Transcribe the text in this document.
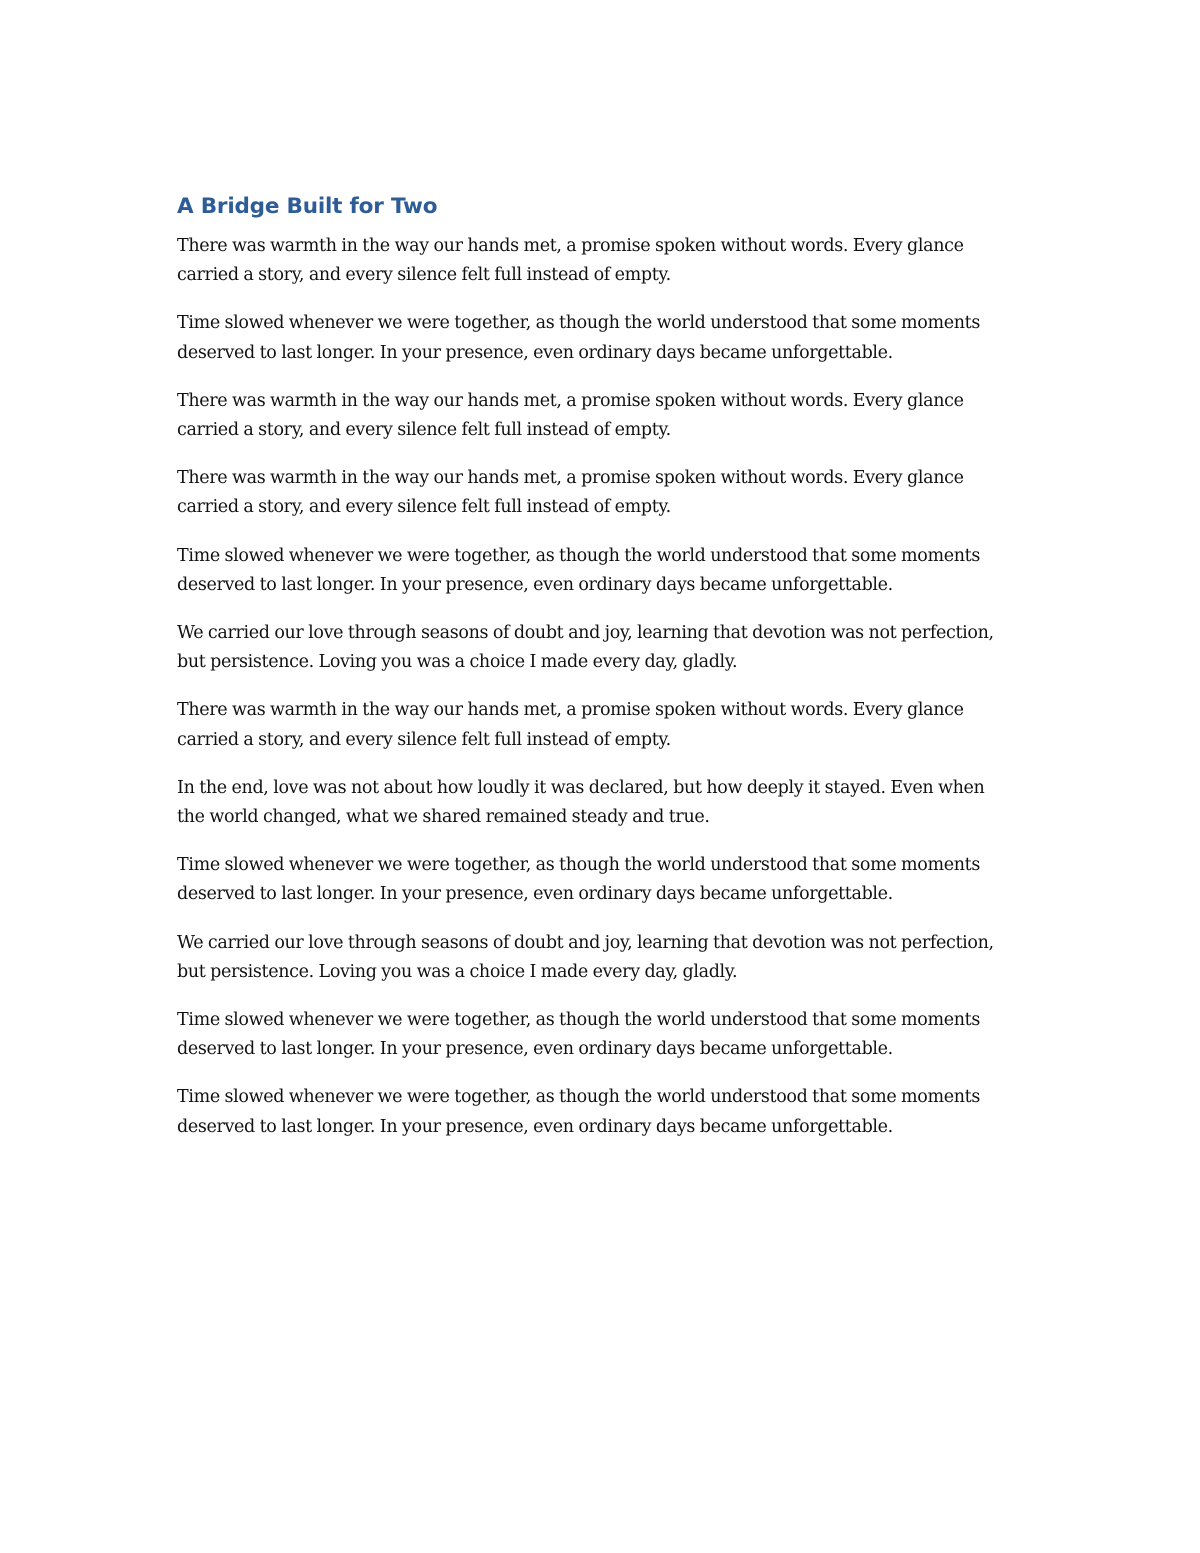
A Bridge Built for Two

There was warmth in the way our hands met, a promise spoken without words. Every glance carried a story, and every silence felt full instead of empty.

Time slowed whenever we were together, as though the world understood that some moments deserved to last longer. In your presence, even ordinary days became unforgettable.

There was warmth in the way our hands met, a promise spoken without words. Every glance carried a story, and every silence felt full instead of empty.

There was warmth in the way our hands met, a promise spoken without words. Every glance carried a story, and every silence felt full instead of empty.

Time slowed whenever we were together, as though the world understood that some moments deserved to last longer. In your presence, even ordinary days became unforgettable.

We carried our love through seasons of doubt and joy, learning that devotion was not perfection, but persistence. Loving you was a choice I made every day, gladly.

There was warmth in the way our hands met, a promise spoken without words. Every glance carried a story, and every silence felt full instead of empty.

In the end, love was not about how loudly it was declared, but how deeply it stayed. Even when the world changed, what we shared remained steady and true.

Time slowed whenever we were together, as though the world understood that some moments deserved to last longer. In your presence, even ordinary days became unforgettable.

We carried our love through seasons of doubt and joy, learning that devotion was not perfection, but persistence. Loving you was a choice I made every day, gladly.

Time slowed whenever we were together, as though the world understood that some moments deserved to last longer. In your presence, even ordinary days became unforgettable.

Time slowed whenever we were together, as though the world understood that some moments deserved to last longer. In your presence, even ordinary days became unforgettable.
